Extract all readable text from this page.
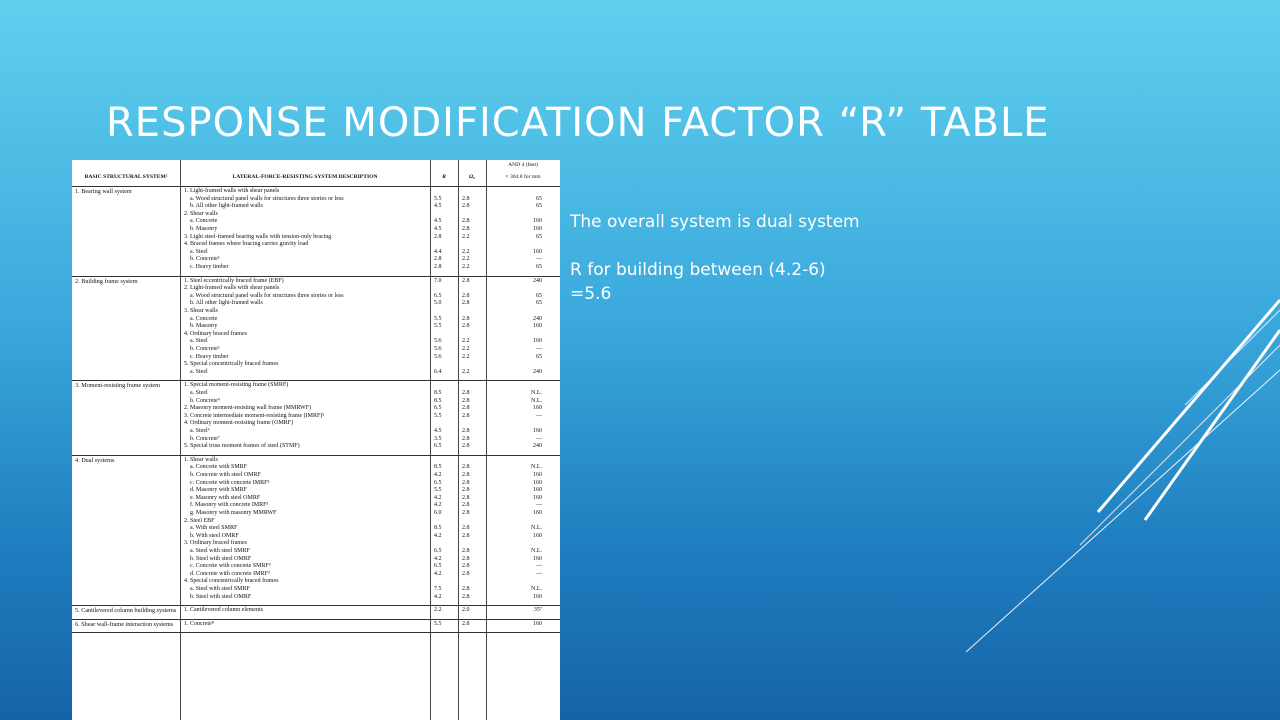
RESPONSE MODIFICATION FACTOR “R” TABLE

The overall system is dual system

R for building between (4.2-6)

=5.6

BASIC STRUCTURAL SYSTEM²	LATERAL-FORCE-RESISTING SYSTEM DESCRIPTION	R	Ω₀
AND 4 (feet)
× 304.8 for mm
1. Bearing wall system	1. Light-framed walls with shear panels
a. Wood structural panel walls for structures three stories or less	5.5	2.8	65
b. All other light-framed walls	4.5	2.8	65
2. Shear walls
a. Concrete	4.5	2.8	160
b. Masonry	4.5	2.8	160
3. Light steel-framed bearing walls with tension-only bracing	2.8	2.2	65
4. Braced frames where bracing carries gravity load
a. Steel	4.4	2.2	160
b. Concrete³	2.8	2.2	—
c. Heavy timber	2.8	2.2	65
2. Building frame system	1. Steel eccentrically braced frame (EBF)	7.0	2.8	240
2. Light-framed walls with shear panels
a. Wood structural panel walls for structures three stories or less	6.5	2.8	65
b. All other light-framed walls	5.0	2.8	65
3. Shear walls
a. Concrete	5.5	2.8	240
b. Masonry	5.5	2.8	160
4. Ordinary braced frames
a. Steel	5.6	2.2	160
b. Concrete³	5.6	2.2	—
c. Heavy timber	5.6	2.2	65
5. Special concentrically braced frames
a. Steel	6.4	2.2	240
3. Moment-resisting frame system	1. Special moment-resisting frame (SMRF)
a. Steel	8.5	2.8	N.L.
b. Concrete⁴	8.5	2.8	N.L.
2. Masonry moment-resisting wall frame (MMRWF)	6.5	2.8	160
3. Concrete intermediate moment-resisting frame (IMRF)⁵	5.5	2.8	—
4. Ordinary moment-resisting frame (OMRF)
a. Steel⁶	4.5	2.8	160
b. Concrete⁷	3.5	2.8	—
5. Special truss moment frames of steel (STMF)	6.5	2.8	240
4. Dual systems	1. Shear walls
a. Concrete with SMRF	8.5	2.8	N.L.
b. Concrete with steel OMRF	4.2	2.8	160
c. Concrete with concrete IMRF⁵	6.5	2.8	160
d. Masonry with SMRF	5.5	2.8	160
e. Masonry with steel OMRF	4.2	2.8	160
f. Masonry with concrete IMRF³	4.2	2.8	—
g. Masonry with masonry MMRWF	6.0	2.8	160
2. Steel EBF
a. With steel SMRF	8.5	2.8	N.L.
b. With steel OMRF	4.2	2.8	160
3. Ordinary braced frames
a. Steel with steel SMRF	6.5	2.8	N.L.
b. Steel with steel OMRF	4.2	2.8	160
c. Concrete with concrete SMRF³	6.5	2.8	—
d. Concrete with concrete IMRF³	4.2	2.8	—
4. Special concentrically braced frames
a. Steel with steel SMRF	7.5	2.8	N.L.
b. Steel with steel OMRF	4.2	2.8	160
5. Cantilevered column building systems	1. Cantilevered column elements	2.2	2.0	35⁷
6. Shear wall-frame interaction systems	1. Concrete⁸	5.5	2.8	160
